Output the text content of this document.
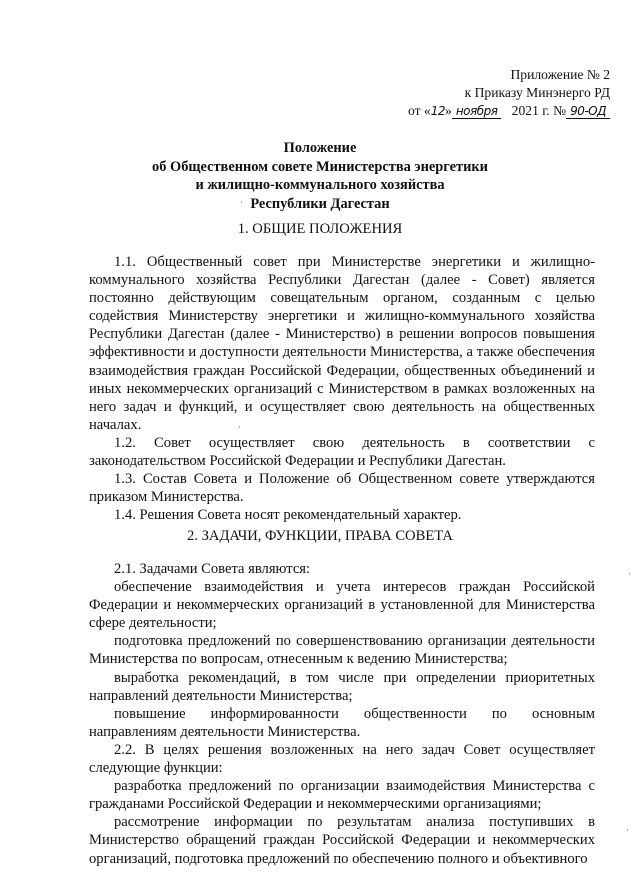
Приложение № 2
к Приказу Минэнерго РД
от «12» ноября 2021 г. № 90-ОД
Положение
об Общественном совете Министерства энергетики
и жилищно-коммунального хозяйства
Республики Дагестан
1. ОБЩИЕ ПОЛОЖЕНИЯ

1.1. Общественный совет при Министерстве энергетики и жилищно-коммунального хозяйства Республики Дагестан (далее - Совет) является постоянно действующим совещательным органом, созданным с целью содействия Министерству энергетики и жилищно-коммунального хозяйства Республики Дагестан (далее - Министерство) в решении вопросов повышения эффективности и доступности деятельности Министерства, а также обеспечения взаимодействия граждан Российской Федерации, общественных объединений и иных некоммерческих организаций с Министерством в рамках возложенных на него задач и функций, и осуществляет свою деятельность на общественных началах.

1.2. Совет осуществляет свою деятельность в соответствии с законодательством Российской Федерации и Республики Дагестан.

1.3. Состав Совета и Положение об Общественном совете утверждаются приказом Министерства.

1.4. Решения Совета носят рекомендательный характер.

2. ЗАДАЧИ, ФУНКЦИИ, ПРАВА СОВЕТА

2.1. Задачами Совета являются:

обеспечение взаимодействия и учета интересов граждан Российской Федерации и некоммерческих организаций в установленной для Министерства сфере деятельности;

подготовка предложений по совершенствованию организации деятельности Министерства по вопросам, отнесенным к ведению Министерства;

выработка рекомендаций, в том числе при определении приоритетных направлений деятельности Министерства;

повышение информированности общественности по основным направлениям деятельности Министерства.

2.2. В целях решения возложенных на него задач Совет осуществляет следующие функции:

разработка предложений по организации взаимодействия Министерства с гражданами Российской Федерации и некоммерческими организациями;

рассмотрение информации по результатам анализа поступивших в Министерство обращений граждан Российской Федерации и некоммерческих организаций, подготовка предложений по обеспечению полного и объективного

·
·
·
·
